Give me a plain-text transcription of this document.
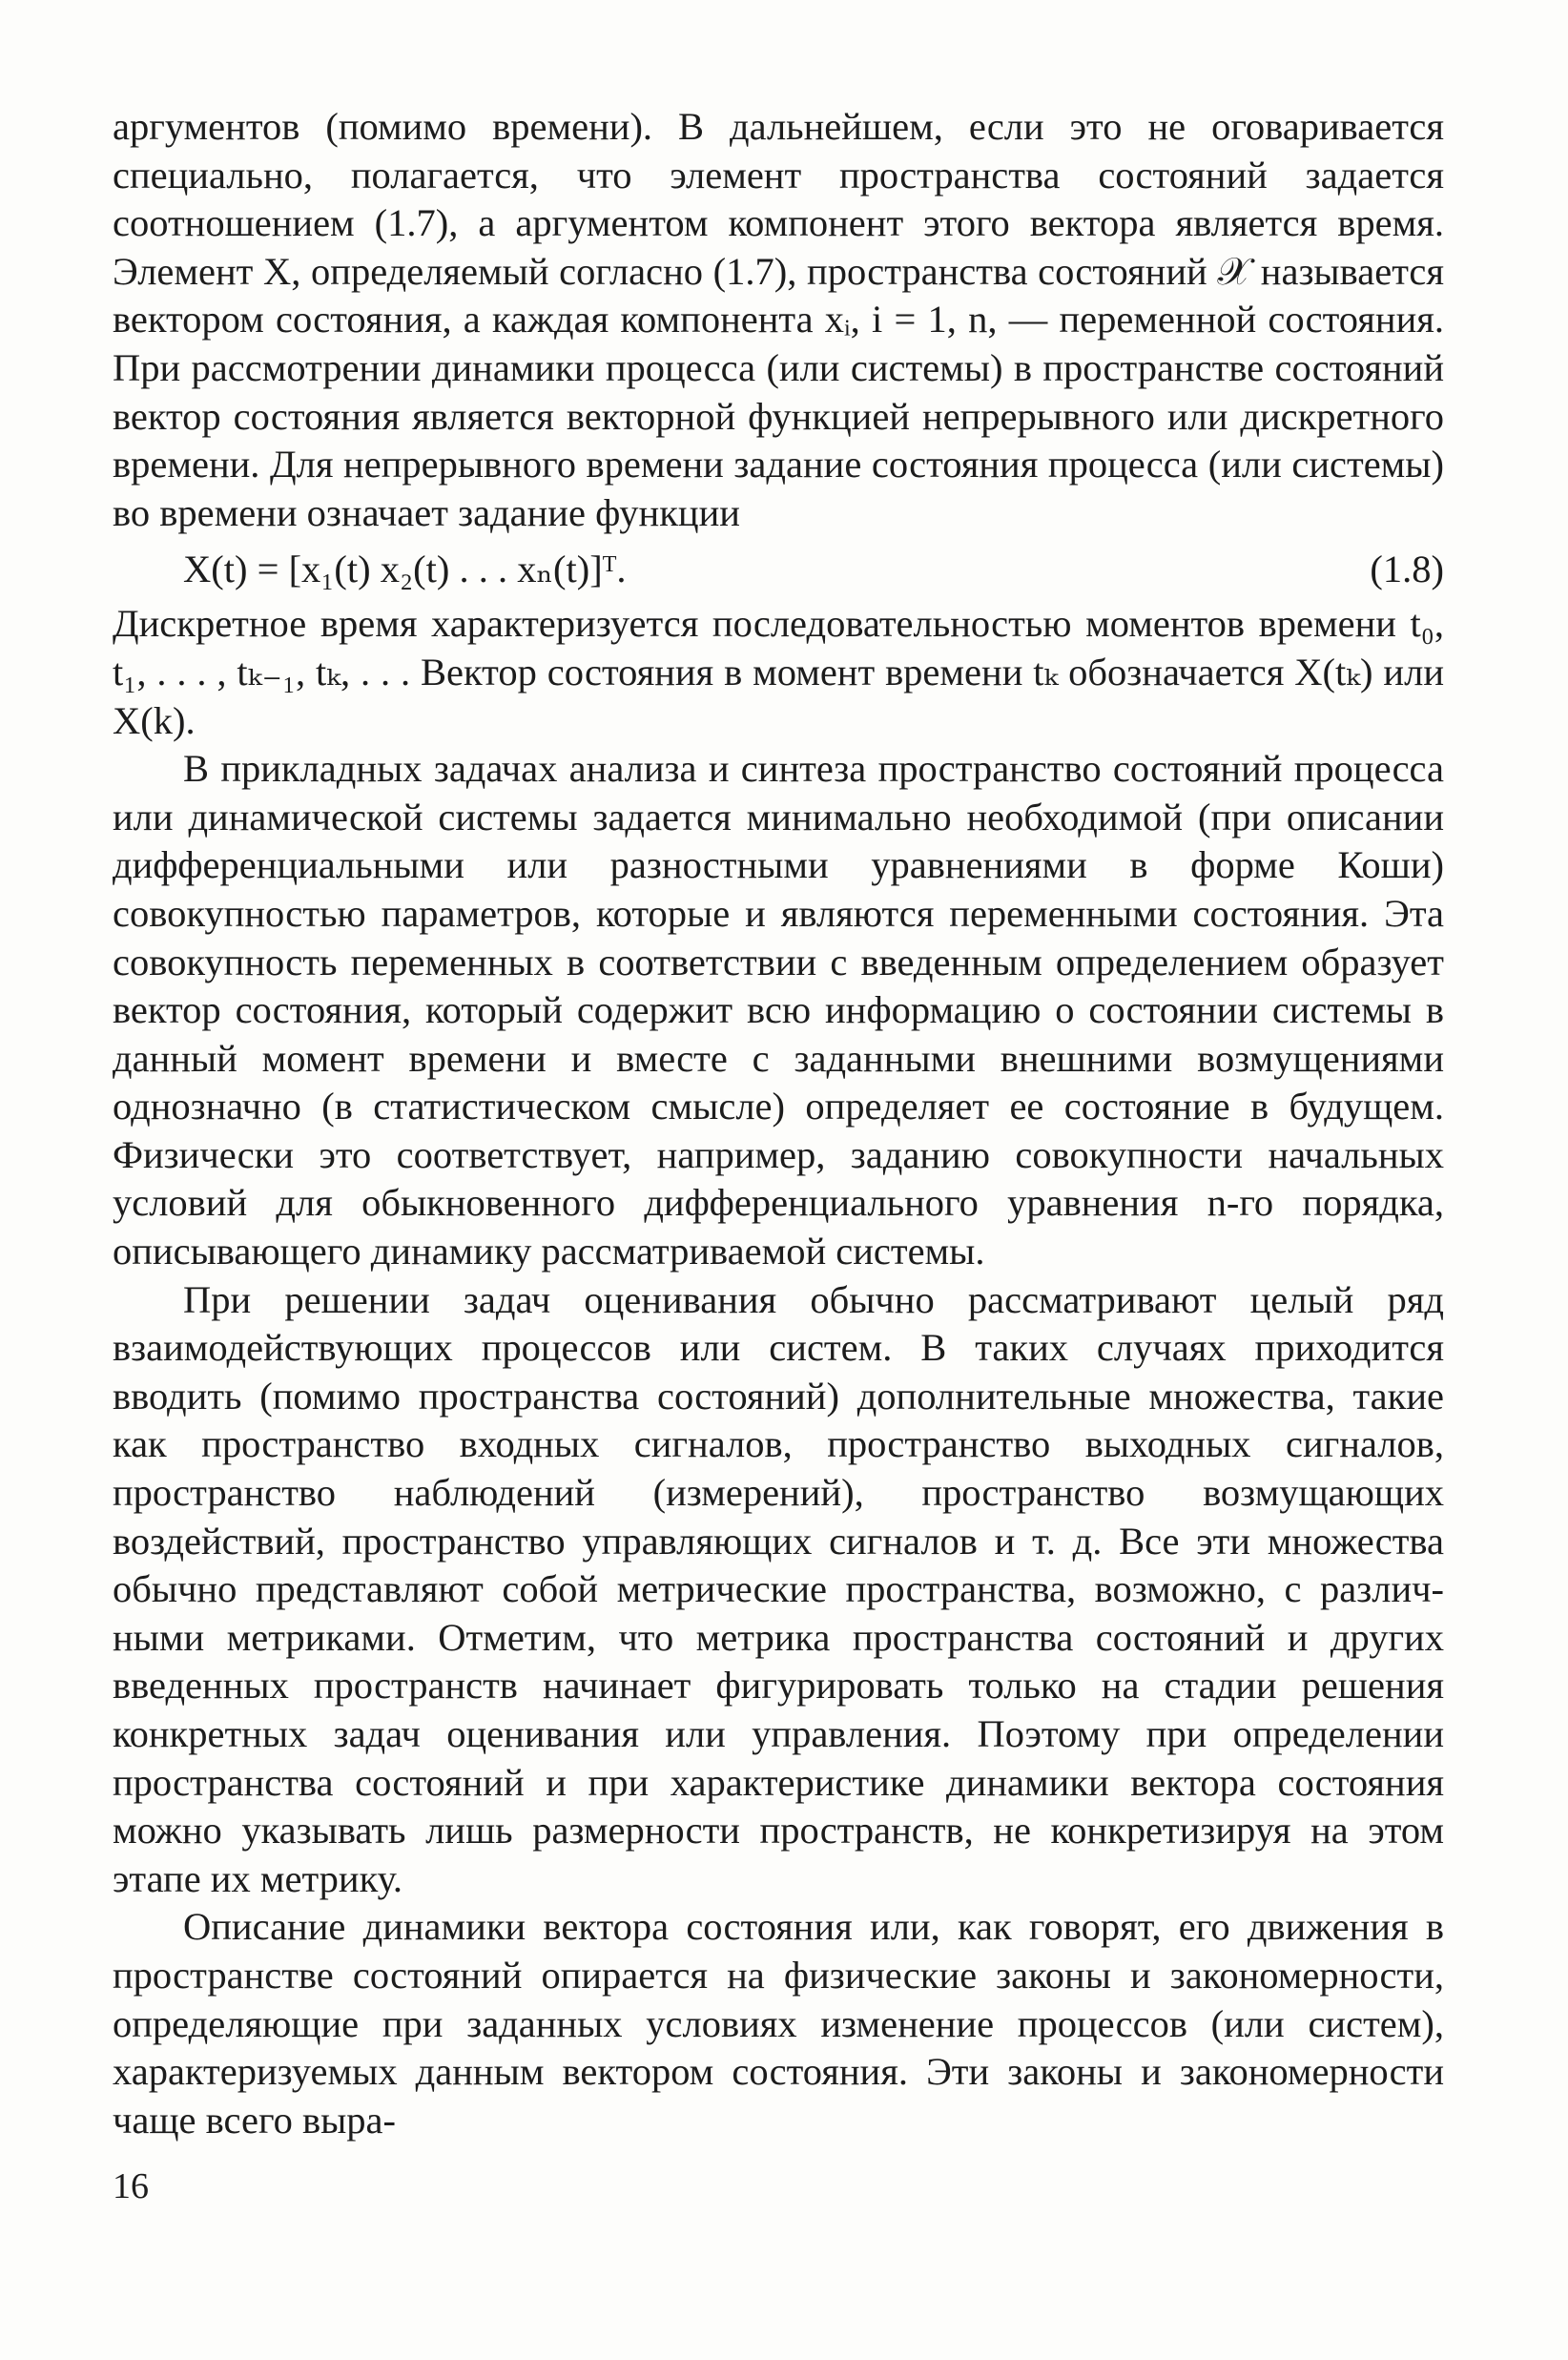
аргументов (помимо времени). В дальнейшем, если это не оговаривается специально, полагается, что элемент пространства состояний задается соотношением (1.7), а аргументом компонент этого вектора является время. Элемент X, определяемый согласно (1.7), пространства состояний 𝒳 называется вектором состояния, а каждая компонента xᵢ, i = 1, n, — переменной состояния. При рассмотрении динамики процесса (или системы) в пространстве состояний вектор состояния является векторной функцией непрерывного или дискретного времени. Для непрерывного времени задание состояния процесса (или системы) во времени означает задание функции

X(t) = [x₁(t) x₂(t) . . . xₙ(t)]ᵀ.	(1.8)

Дискретное время характеризуется последовательностью моментов времени t₀, t₁, . . . , tₖ₋₁, tₖ, . . . Вектор состояния в момент времени tₖ обозначается X(tₖ) или X(k).

В прикладных задачах анализа и синтеза пространство состояний процесса или динамической системы задается минимально необходимой (при описании дифференциальными или разностными уравнениями в форме Коши) совокупностью параметров, которые и являются переменными состояния. Эта совокупность переменных в соответствии с введенным определением образует вектор состояния, который содержит всю информацию о состоянии системы в данный момент времени и вместе с заданными внешними возмущениями однозначно (в статистическом смысле) определяет ее состояние в будущем. Физически это соответствует, например, заданию совокупности начальных условий для обыкновенного дифференциального уравнения n-го порядка, описывающего динамику рассматриваемой системы.

При решении задач оценивания обычно рассматривают целый ряд взаимодействующих процессов или систем. В таких случаях приходится вводить (помимо пространства состояний) дополнительные множества, такие как пространство входных сигналов, пространство выходных сигналов, пространство наблюдений (измерений), пространство возмущающих воздействий, пространство управляющих сигналов и т. д. Все эти множества обычно представляют собой метрические пространства, возможно, с различными метриками. Отметим, что метрика пространства состояний и других введенных пространств начинает фигурировать только на стадии решения конкретных задач оценивания или управления. Поэтому при определении пространства состояний и при характеристике динамики вектора состояния можно указывать лишь размерности пространств, не конкретизируя на этом этапе их метрику.

Описание динамики вектора состояния или, как говорят, его движения в пространстве состояний опирается на физические законы и закономерности, определяющие при заданных условиях изменение процессов (или систем), характеризуемых данным вектором состояния. Эти законы и закономерности чаще всего выра-

16
